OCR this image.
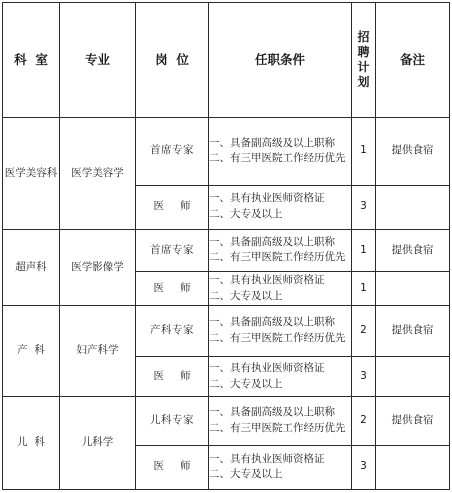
科  室	专业	岗  位	任职条件	招聘计划	备注
医学美容科	医学美容学	首席专家	一、具备副高级及以上职称
二、有三甲医院工作经历优先	1	提供食宿
		医师	一、具有执业医师资格证
二、大专及以上	3	
超声科	医学影像学	首席专家	一、具备副高级及以上职称
二、有三甲医院工作经历优先	1	提供食宿
		医师	一、具有执业医师资格证
二、大专及以上	1	
产  科	妇产科学	产科专家	一、具备副高级及以上职称
二、有三甲医院工作经历优先	2	提供食宿
		医师	一、具有执业医师资格证
二、大专及以上	3	
儿  科	儿科学	儿科专家	一、具备副高级及以上职称
二、有三甲医院工作经历优先	2	提供食宿
		医师	一、具有执业医师资格证
二、大专及以上	3	
